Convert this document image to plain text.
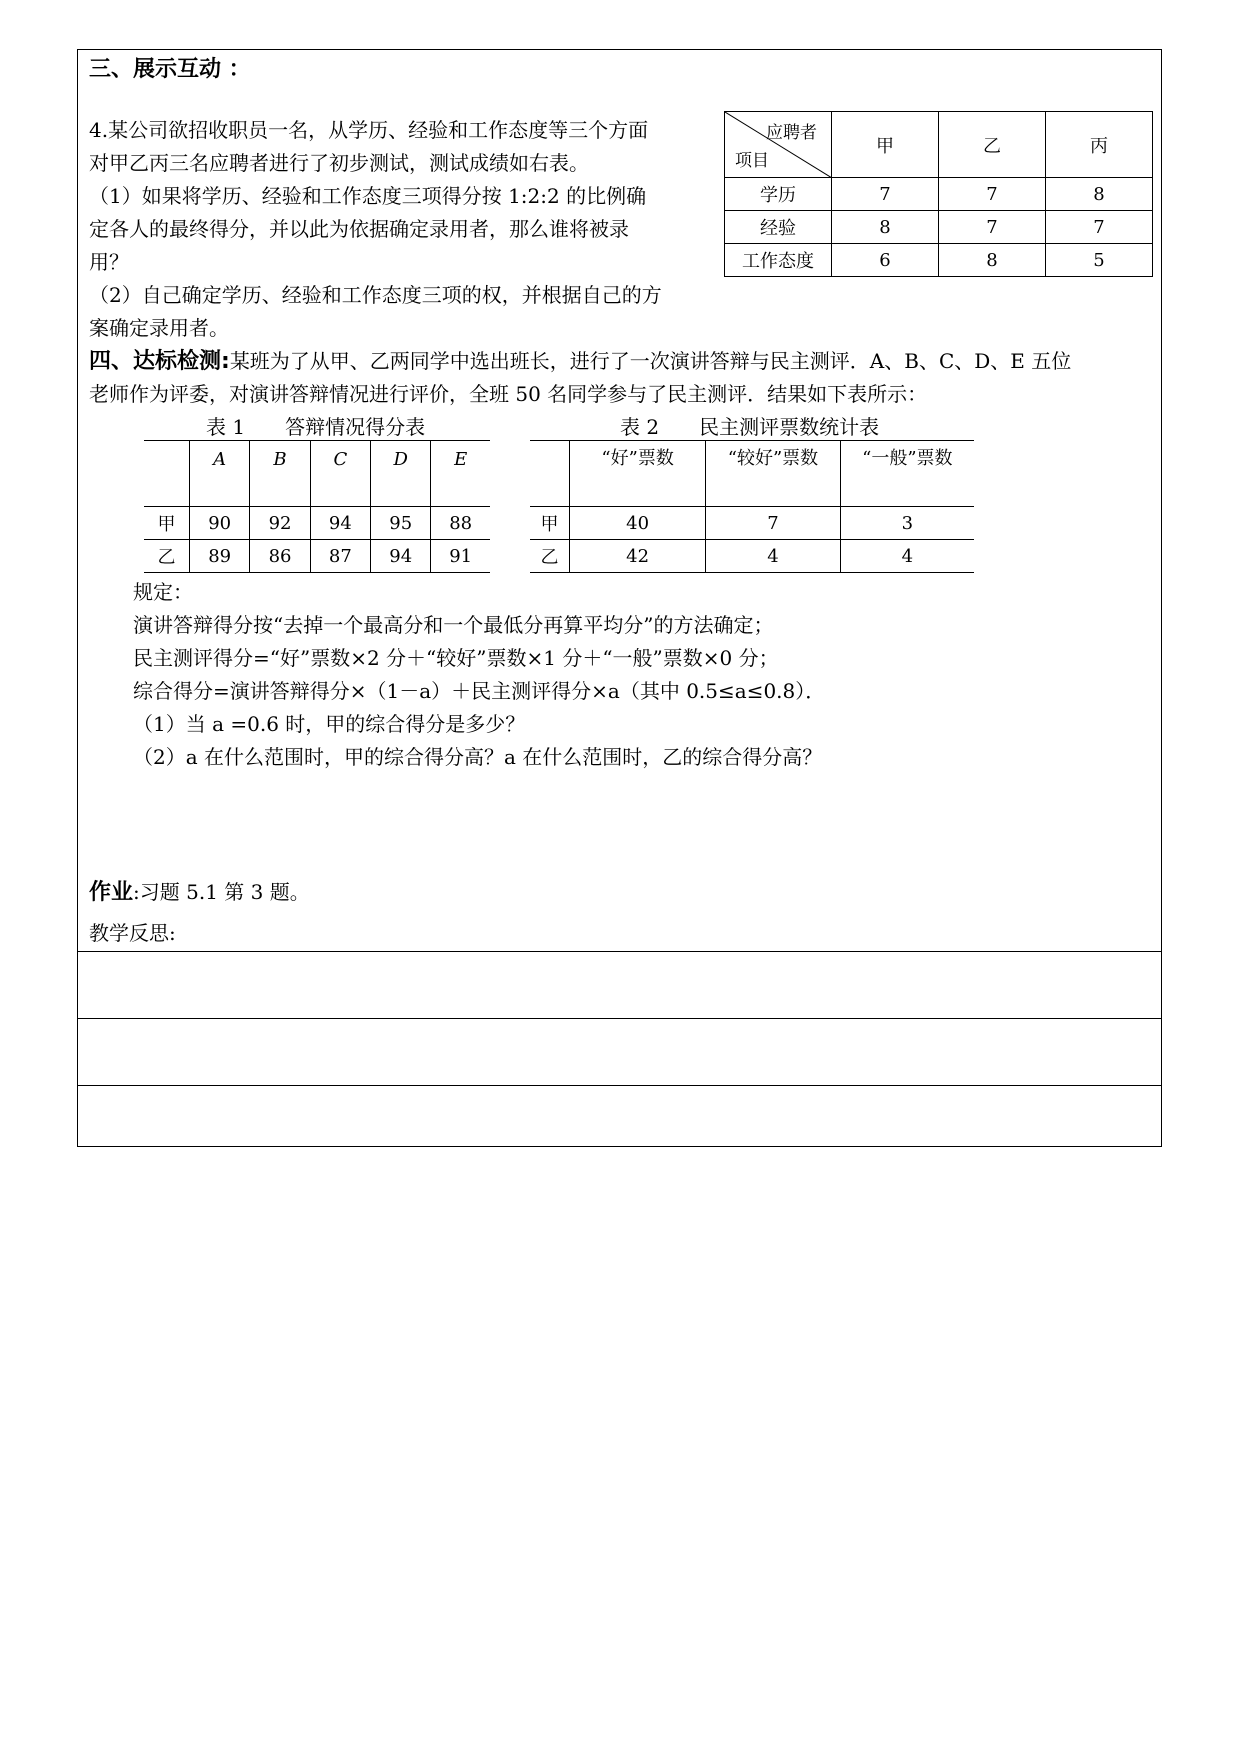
三、展示互动 ：
4.某公司欲招收职员一名，从学历、经验和工作态度等三个方面
对甲乙丙三名应聘者进行了初步测试，测试成绩如右表。
（1）如果将学历、经验和工作态度三项得分按 1:2:2 的比例确
定各人的最终得分，并以此为依据确定录用者，那么谁将被录
用？
（2）自己确定学历、经验和工作态度三项的权，并根据自己的方
案确定录用者。
应聘者
项目	甲	乙	丙
学历	7	7	8
经验	8	7	7
工作态度	6	8	5
四、达标检测:某班为了从甲、乙两同学中选出班长，进行了一次演讲答辩与民主测评．A、B、C、D、E 五位
老师作为评委，对演讲答辩情况进行评价，全班 50 名同学参与了民主测评．结果如下表所示：
表 1　　答辩情况得分表
	A	B	C	D	E
甲	90	92	94	95	88
乙	89	86	87	94	91
表 2　　民主测评票数统计表
	“好”票数	“较好”票数	“一般”票数
甲	40	7	3
乙	42	4	4
规定：
演讲答辩得分按“去掉一个最高分和一个最低分再算平均分”的方法确定；
民主测评得分=“好”票数×2 分＋“较好”票数×1 分＋“一般”票数×0 分；
综合得分=演讲答辩得分×（1－a）＋民主测评得分×a（其中 0.5≤a≤0.8）．
（1）当 a =0.6 时，甲的综合得分是多少？
（2）a 在什么范围时，甲的综合得分高？a 在什么范围时，乙的综合得分高？
作业:习题 5.1 第 3 题。
教学反思:
